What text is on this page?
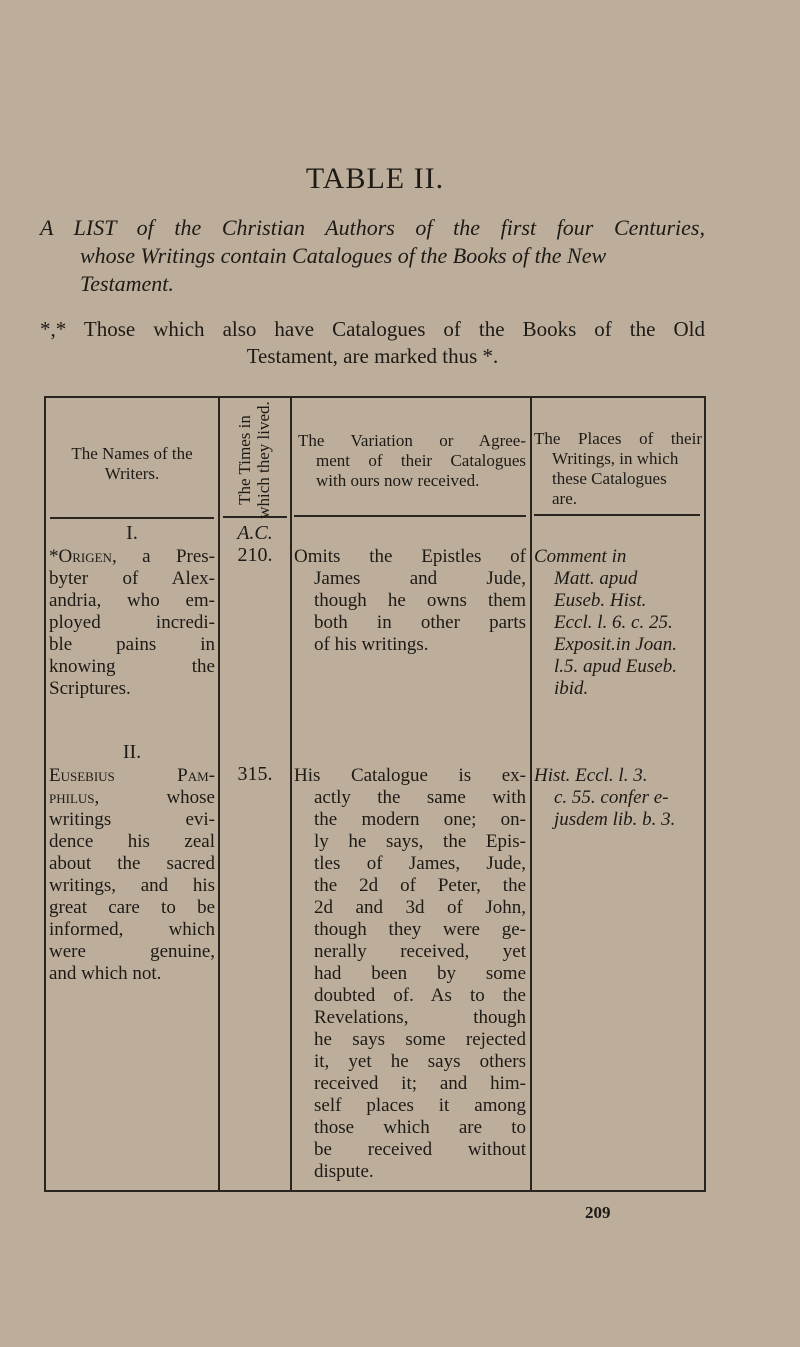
TABLE II.
A LIST of the Christian Authors of the first four Centuries,
whose Writings contain Catalogues of the Books of the New
Testament.
*,* Those which also have Catalogues of the Books of the Old
Testament, are marked thus *.
The Names of the
Writers.	The Times in which they lived. The Variation or Agree-
ment of their Catalogues
with ours now received.
The Places of their
Writings, in which
these Catalogues
are.
I.	A.C.
210.
*Origen, a Pres-
byter of Alex-
andria, who em-
ployed incredi-
ble pains in
knowing the
Scriptures.
Omits the Epistles of
James and Jude,
though he owns them
both in other parts
of his writings.
Comment in
Matt. apud
Euseb. Hist.
Eccl. l. 6. c. 25.
Exposit.in Joan.
l.5. apud Euseb.
ibid.
II.
315.
Eusebius Pam-
philus, whose
writings evi-
dence his zeal
about the sacred
writings, and his
great care to be
informed, which
were genuine,
and which not.
His Catalogue is ex-
actly the same with
the modern one; on-
ly he says, the Epis-
tles of James, Jude,
the 2d of Peter, the
2d and 3d of John,
though they were ge-
nerally received, yet
had been by some
doubted of. As to the
Revelations, though
he says some rejected
it, yet he says others
received it; and him-
self places it among
those which are to
be received without
dispute.
Hist. Eccl. l. 3.
c. 55. confer e-
jusdem lib. b. 3.
209
